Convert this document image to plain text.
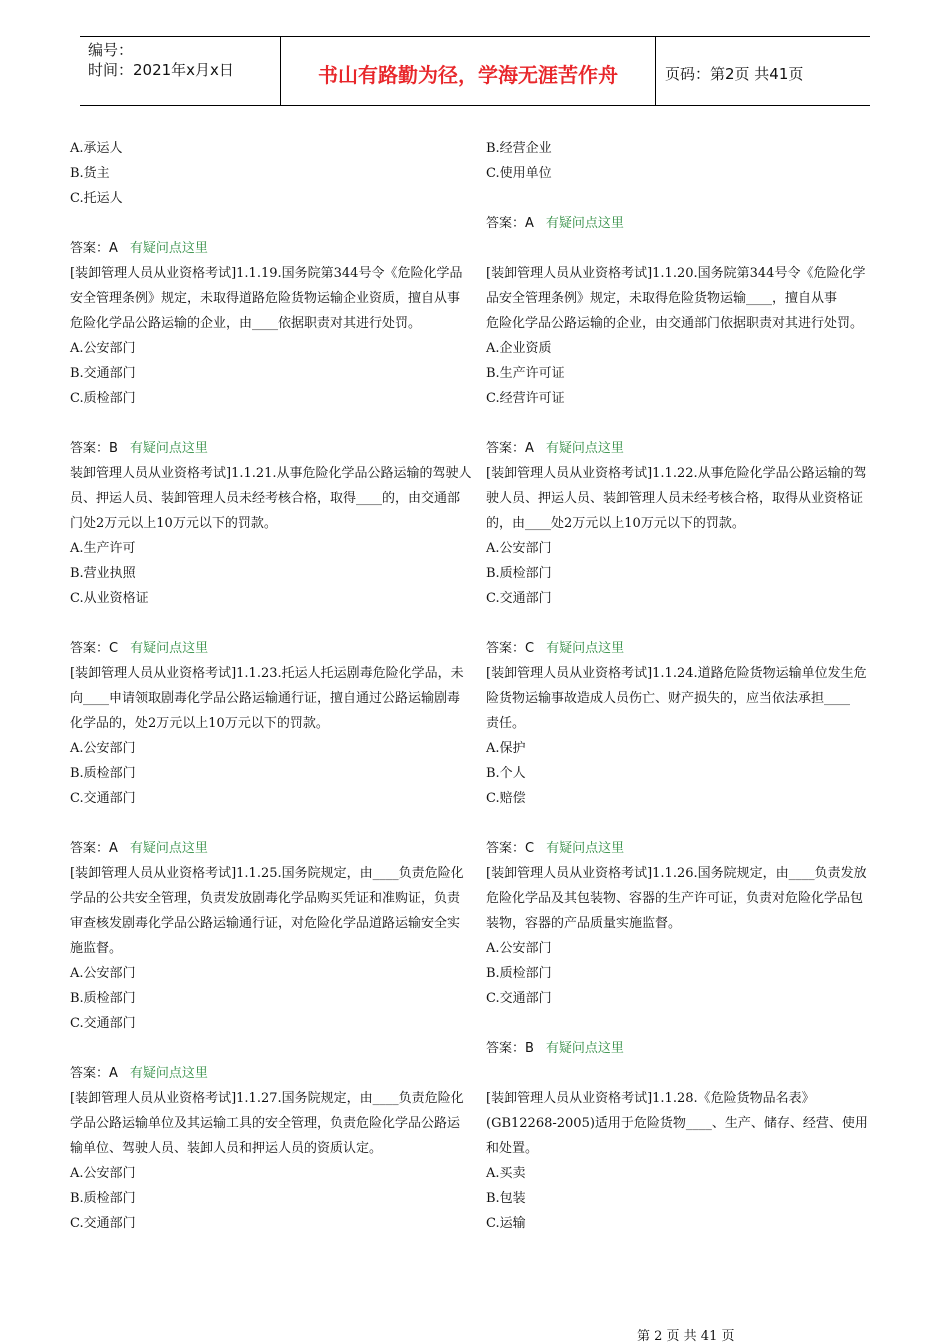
编号：
时间：2021年x月x日	书山有路勤为径，学海无涯苦作舟	页码：第2页 共41页
A.承运人
B.货主
C.托运人
答案：A 有疑问点这里
[装卸管理人员从业资格考试]1.1.19.国务院第344号令《危险化学品
安全管理条例》规定，未取得道路危险货物运输企业资质，擅自从事
危险化学品公路运输的企业，由____依据职责对其进行处罚。
A.公安部门
B.交通部门
C.质检部门
答案：B 有疑问点这里
装卸管理人员从业资格考试]1.1.21.从事危险化学品公路运输的驾驶人
员、押运人员、装卸管理人员未经考核合格，取得____的，由交通部
门处2万元以上10万元以下的罚款。
A.生产许可
B.营业执照
C.从业资格证
答案：C 有疑问点这里
[装卸管理人员从业资格考试]1.1.23.托运人托运剧毒危险化学品，未
向____申请领取剧毒化学品公路运输通行证，擅自通过公路运输剧毒
化学品的，处2万元以上10万元以下的罚款。
A.公安部门
B.质检部门
C.交通部门
答案：A 有疑问点这里
[装卸管理人员从业资格考试]1.1.25.国务院规定，由____负责危险化
学品的公共安全管理，负责发放剧毒化学品购买凭证和准购证，负责
审查核发剧毒化学品公路运输通行证，对危险化学品道路运输安全实
施监督。
A.公安部门
B.质检部门
C.交通部门
答案：A 有疑问点这里
[装卸管理人员从业资格考试]1.1.27.国务院规定，由____负责危险化
学品公路运输单位及其运输工具的安全管理，负责危险化学品公路运
输单位、驾驶人员、装卸人员和押运人员的资质认定。
A.公安部门
B.质检部门
C.交通部门
B.经营企业
C.使用单位
答案：A 有疑问点这里
[装卸管理人员从业资格考试]1.1.20.国务院第344号令《危险化学
品安全管理条例》规定，未取得危险货物运输____，擅自从事
危险化学品公路运输的企业，由交通部门依据职责对其进行处罚。
A.企业资质
B.生产许可证
C.经营许可证
答案：A 有疑问点这里
[装卸管理人员从业资格考试]1.1.22.从事危险化学品公路运输的驾
驶人员、押运人员、装卸管理人员未经考核合格，取得从业资格证
的，由____处2万元以上10万元以下的罚款。
A.公安部门
B.质检部门
C.交通部门
答案：C 有疑问点这里
[装卸管理人员从业资格考试]1.1.24.道路危险货物运输单位发生危
险货物运输事故造成人员伤亡、财产损失的，应当依法承担____
责任。
A.保护
B.个人
C.赔偿
答案：C 有疑问点这里
[装卸管理人员从业资格考试]1.1.26.国务院规定，由____负责发放
危险化学品及其包装物、容器的生产许可证，负责对危险化学品包
装物，容器的产品质量实施监督。
A.公安部门
B.质检部门
C.交通部门
答案：B 有疑问点这里
[装卸管理人员从业资格考试]1.1.28.《危险货物品名表》
(GB12268-2005)适用于危险货物____、生产、储存、经营、使用
和处置。
A.买卖
B.包装
C.运输
第 2 页 共 41 页
